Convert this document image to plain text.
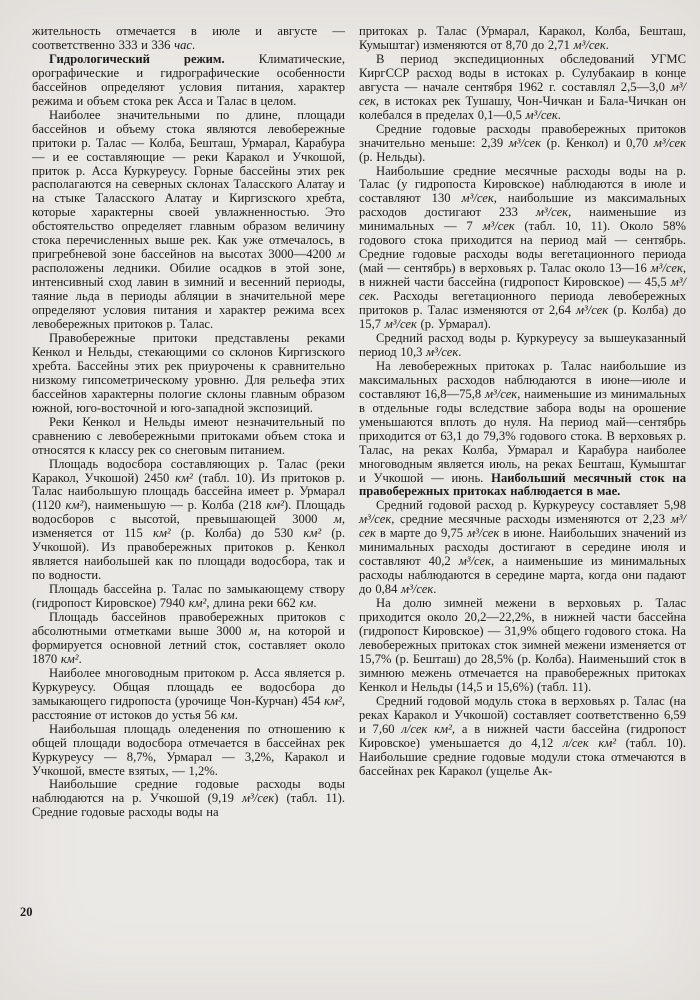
жительность отмечается в июле и августе — соответственно 333 и 336 час.

Гидрологический режим. Климатические, орографические и гидрографические особенности бассейнов определяют условия питания, характер режима и объем стока рек Асса и Талас в целом.

Наиболее значительными по длине, площади бассейнов и объему стока являются левобережные притоки р. Талас — Колба, Бешташ, Урмарал, Карабура — и ее составляющие — реки Каракол и Учкошой, приток р. Асса Куркуреусу. Горные бассейны этих рек располагаются на северных склонах Таласского Алатау и на стыке Таласского Алатау и Киргизского хребта, которые характерны своей увлажненностью. Это обстоятельство определяет главным образом величину стока перечисленных выше рек. Как уже отмечалось, в пригребневой зоне бассейнов на высотах 3000—4200 м расположены ледники. Обилие осадков в этой зоне, интенсивный сход лавин в зимний и весенний периоды, таяние льда в периоды абляции в значительной мере определяют условия питания и характер режима всех левобережных притоков р. Талас.

Правобережные притоки представлены реками Кенкол и Нельды, стекающими со склонов Киргизского хребта. Бассейны этих рек приурочены к сравнительно низкому гипсометрическому уровню. Для рельефа этих бассейнов характерны пологие склоны главным образом южной, юго-восточной и юго-западной экспозиций.

Реки Кенкол и Нельды имеют незначительный по сравнению с левобережными притоками объем стока и относятся к классу рек со снеговым питанием.

Площадь водосбора составляющих р. Талас (реки Каракол, Учкошой) 2450 км² (табл. 10). Из притоков р. Талас наибольшую площадь бассейна имеет р. Урмарал (1120 км²), наименьшую — р. Колба (218 км²). Площадь водосборов с высотой, превышающей 3000 м, изменяется от 115 км² (р. Колба) до 530 км² (р. Учкошой). Из правобережных притоков р. Кенкол является наибольшей как по площади водосбора, так и по водности.

Площадь бассейна р. Талас по замыкающему створу (гидропост Кировское) 7940 км², длина реки 662 км.

Площадь бассейнов правобережных притоков с абсолютными отметками выше 3000 м, на которой и формируется основной летний сток, составляет около 1870 км².

Наиболее многоводным притоком р. Асса является р. Куркуреусу. Общая площадь ее водосбора до замыкающего гидропоста (урочище Чон-Курчан) 454 км², расстояние от истоков до устья 56 км.

Наибольшая площадь оледенения по отношению к общей площади водосбора отмечается в бассейнах рек Куркуреусу — 8,7%, Урмарал — 3,2%, Каракол и Учкошой, вместе взятых, — 1,2%.

Наибольшие средние годовые расходы воды наблюдаются на р. Учкошой (9,19 м³/сек) (табл. 11). Средние годовые расходы воды на

притоках р. Талас (Урмарал, Каракол, Колба, Бешташ, Кумыштаг) изменяются от 8,70 до 2,71 м³/сек.

В период экспедиционных обследований УГМС КиргССР расход воды в истоках р. Сулубакаир в конце августа — начале сентября 1962 г. составлял 2,5—3,0 м³/сек, в истоках рек Тушашу, Чон-Чичкан и Бала-Чичкан он колебался в пределах 0,1—0,5 м³/сек.

Средние годовые расходы правобережных притоков значительно меньше: 2,39 м³/сек (р. Кенкол) и 0,70 м³/сек (р. Нельды).

Наибольшие средние месячные расходы воды на р. Талас (у гидропоста Кировское) наблюдаются в июле и составляют 130 м³/сек, наибольшие из максимальных расходов достигают 233 м³/сек, наименьшие из минимальных — 7 м³/сек (табл. 10, 11). Около 58% годового стока приходится на период май — сентябрь. Средние годовые расходы воды вегетационного периода (май — сентябрь) в верховьях р. Талас около 13—16 м³/сек, в нижней части бассейна (гидропост Кировское) — 45,5 м³/сек. Расходы вегетационного периода левобережных притоков р. Талас изменяются от 2,64 м³/сек (р. Колба) до 15,7 м³/сек (р. Урмарал).

Средний расход воды р. Куркуреусу за вышеуказанный период 10,3 м³/сек.

На левобережных притоках р. Талас наибольшие из максимальных расходов наблюдаются в июне—июле и составляют 16,8—75,8 м³/сек, наименьшие из минимальных в отдельные годы вследствие забора воды на орошение уменьшаются вплоть до нуля. На период май—сентябрь приходится от 63,1 до 79,3% годового стока. В верховьях р. Талас, на реках Колба, Урмарал и Карабура наиболее многоводным является июль, на реках Бешташ, Кумыштаг и Учкошой — июнь. Наибольший месячный сток на правобережных притоках наблюдается в мае.

Средний годовой расход р. Куркуреусу составляет 5,98 м³/сек, средние месячные расходы изменяются от 2,23 м³/сек в марте до 9,75 м³/сек в июне. Наибольших значений из минимальных расходы достигают в середине июля и составляют 40,2 м³/сек, а наименьшие из минимальных расходы наблюдаются в середине марта, когда они падают до 0,84 м³/сек.

На долю зимней межени в верховьях р. Талас приходится около 20,2—22,2%, в нижней части бассейна (гидропост Кировское) — 31,9% общего годового стока. На левобережных притоках сток зимней межени изменяется от 15,7% (р. Бешташ) до 28,5% (р. Колба). Наименьший сток в зимнюю межень отмечается на правобережных притоках Кенкол и Нельды (14,5 и 15,6%) (табл. 11).

Средний годовой модуль стока в верховьях р. Талас (на реках Каракол и Учкошой) составляет соответственно 6,59 и 7,60 л/сек км², а в нижней части бассейна (гидропост Кировское) уменьшается до 4,12 л/сек км² (табл. 10). Наибольшие средние годовые модули стока отмечаются в бассейнах рек Каракол (ущелье Ак-

20
